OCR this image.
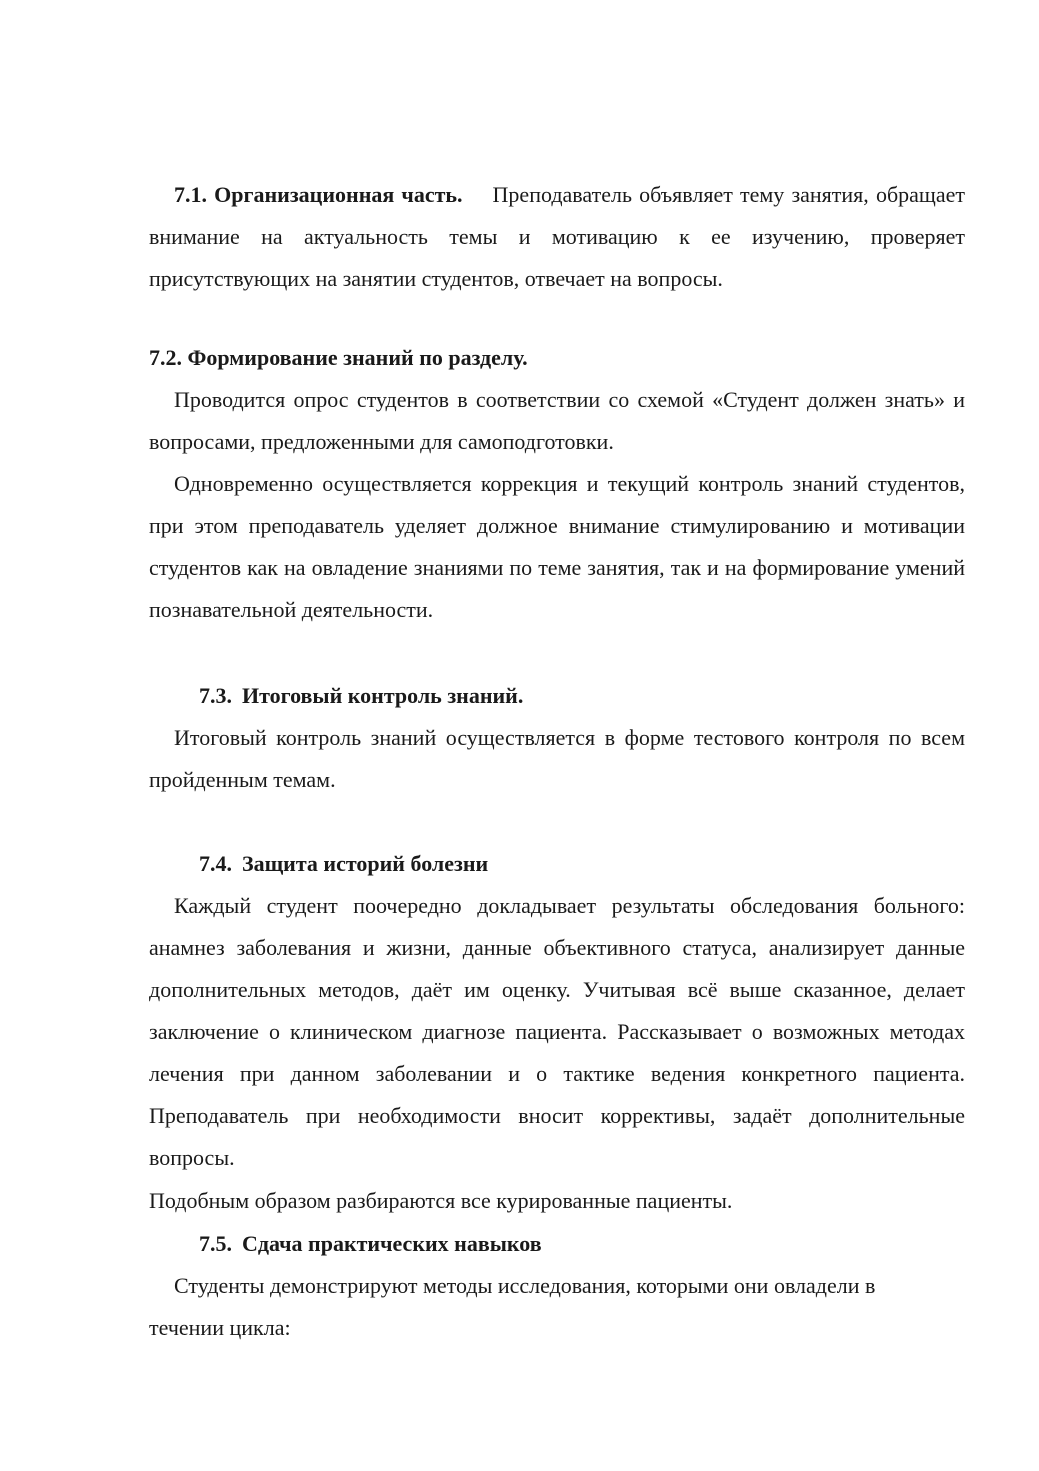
7.1. Организационная часть. Преподаватель объявляет тему занятия, обращает внимание на актуальность темы и мотивацию к ее изучению, проверяет присутствующих на занятии студентов, отвечает на вопросы.
7.2. Формирование знаний по разделу.
Проводится опрос студентов в соответствии со схемой «Студент должен знать» и вопросами, предложенными для самоподготовки.
Одновременно осуществляется коррекция и текущий контроль знаний студентов, при этом преподаватель уделяет должное внимание стимулированию и мотивации студентов как на овладение знаниями по теме занятия, так и на формирование умений познавательной деятельности.
7.3. Итоговый контроль знаний.
Итоговый контроль знаний осуществляется в форме тестового контроля по всем пройденным темам.
7.4. Защита историй болезни
Каждый студент поочередно докладывает результаты обследования больного: анамнез заболевания и жизни, данные объективного статуса, анализирует данные дополнительных методов, даёт им оценку. Учитывая всё выше сказанное, делает заключение о клиническом диагнозе пациента. Рассказывает о возможных методах лечения при данном заболевании и о тактике ведения конкретного пациента. Преподаватель при необходимости вносит коррективы, задаёт дополнительные вопросы.
Подобным образом разбираются все курированные пациенты.
7.5. Сдача практических навыков
Студенты демонстрируют методы исследования, которыми они овладели в течении цикла:
